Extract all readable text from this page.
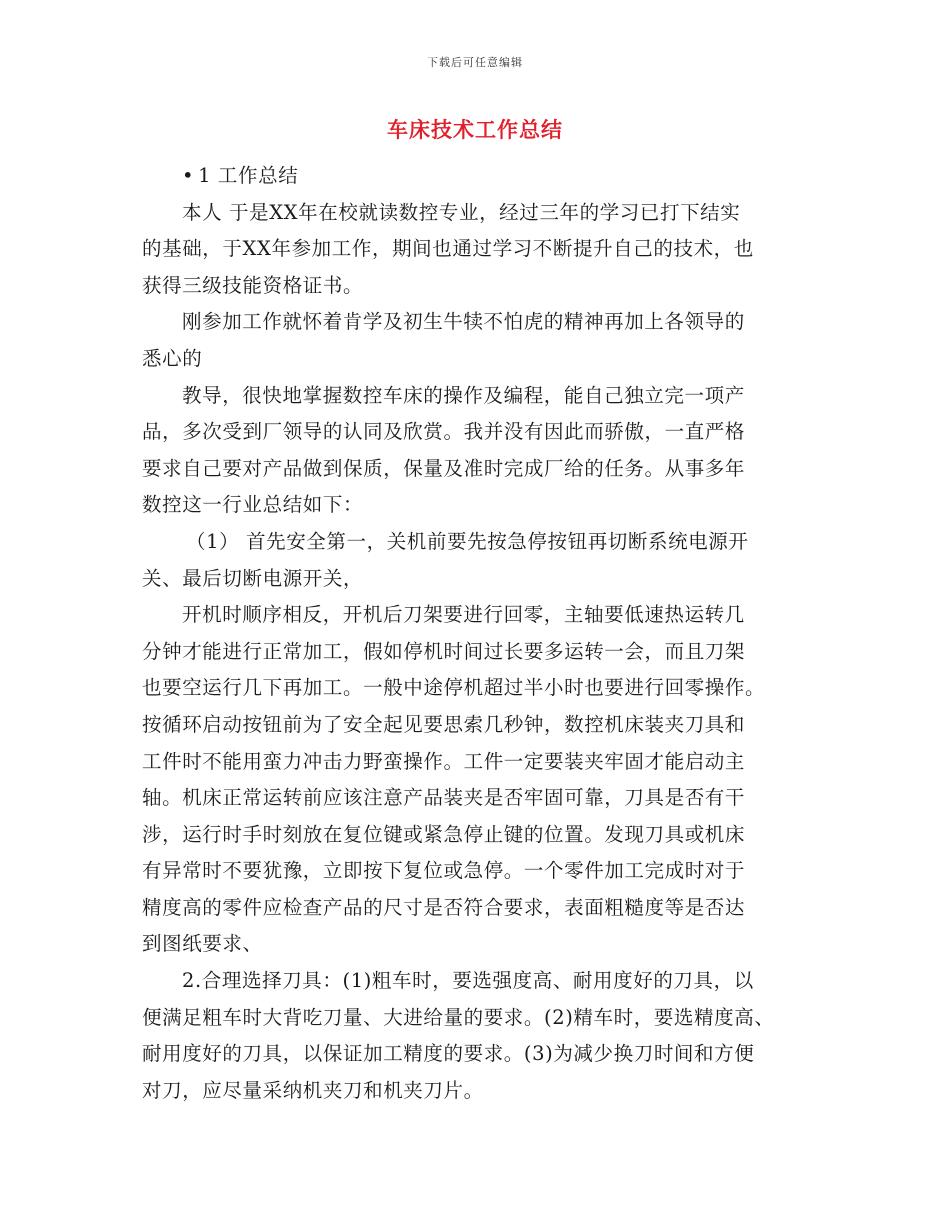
下载后可任意编辑
车床技术工作总结
• 1 工作总结
本人 于是XX年在校就读数控专业，经过三年的学习已打下结实
的基础，于XX年参加工作，期间也通过学习不断提升自己的技术，也
获得三级技能资格证书。
刚参加工作就怀着肯学及初生牛犊不怕虎的精神再加上各领导的
悉心的
教导，很快地掌握数控车床的操作及编程，能自己独立完一项产
品，多次受到厂领导的认同及欣赏。我并没有因此而骄傲，一直严格
要求自己要对产品做到保质，保量及准时完成厂给的任务。从事多年
数控这一行业总结如下：
（1） 首先安全第一，关机前要先按急停按钮再切断系统电源开
关、最后切断电源开关，
开机时顺序相反，开机后刀架要进行回零，主轴要低速热运转几
分钟才能进行正常加工，假如停机时间过长要多运转一会，而且刀架
也要空运行几下再加工。一般中途停机超过半小时也要进行回零操作。
按循环启动按钮前为了安全起见要思索几秒钟，数控机床装夹刀具和
工件时不能用蛮力冲击力野蛮操作。工件一定要装夹牢固才能启动主
轴。机床正常运转前应该注意产品装夹是否牢固可靠，刀具是否有干
涉，运行时手时刻放在复位键或紧急停止键的位置。发现刀具或机床
有异常时不要犹豫，立即按下复位或急停。一个零件加工完成时对于
精度高的零件应检查产品的尺寸是否符合要求，表面粗糙度等是否达
到图纸要求、
2.合理选择刀具：(1)粗车时，要选强度高、耐用度好的刀具，以
便满足粗车时大背吃刀量、大进给量的要求。(2)精车时，要选精度高、
耐用度好的刀具，以保证加工精度的要求。(3)为减少换刀时间和方便
对刀，应尽量采纳机夹刀和机夹刀片。
